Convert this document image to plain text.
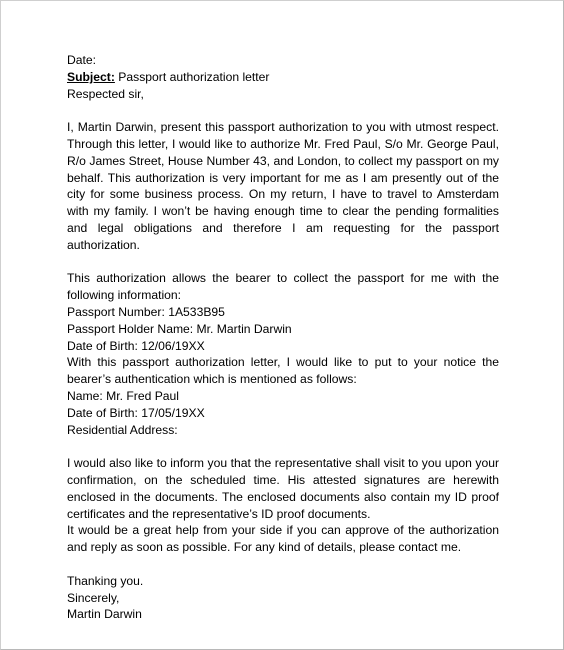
Date:
Subject: Passport authorization letter
Respected sir,
I, Martin Darwin, present this passport authorization to you with utmost respect. Through this letter, I would like to authorize Mr. Fred Paul, S/o Mr. George Paul, R/o James Street, House Number 43, and London, to collect my passport on my behalf. This authorization is very important for me as I am presently out of the city for some business process. On my return, I have to travel to Amsterdam with my family. I won’t be having enough time to clear the pending formalities and legal obligations and therefore I am requesting for the passport authorization.
This authorization allows the bearer to collect the passport for me with the following information:
Passport Number: 1A533B95
Passport Holder Name: Mr. Martin Darwin
Date of Birth: 12/06/19XX
With this passport authorization letter, I would like to put to your notice the bearer’s authentication which is mentioned as follows:
Name: Mr. Fred Paul
Date of Birth: 17/05/19XX
Residential Address:
I would also like to inform you that the representative shall visit to you upon your confirmation, on the scheduled time. His attested signatures are herewith enclosed in the documents. The enclosed documents also contain my ID proof certificates and the representative’s ID proof documents.
It would be a great help from your side if you can approve of the authorization and reply as soon as possible. For any kind of details, please contact me.
Thanking you.
Sincerely,
Martin Darwin
